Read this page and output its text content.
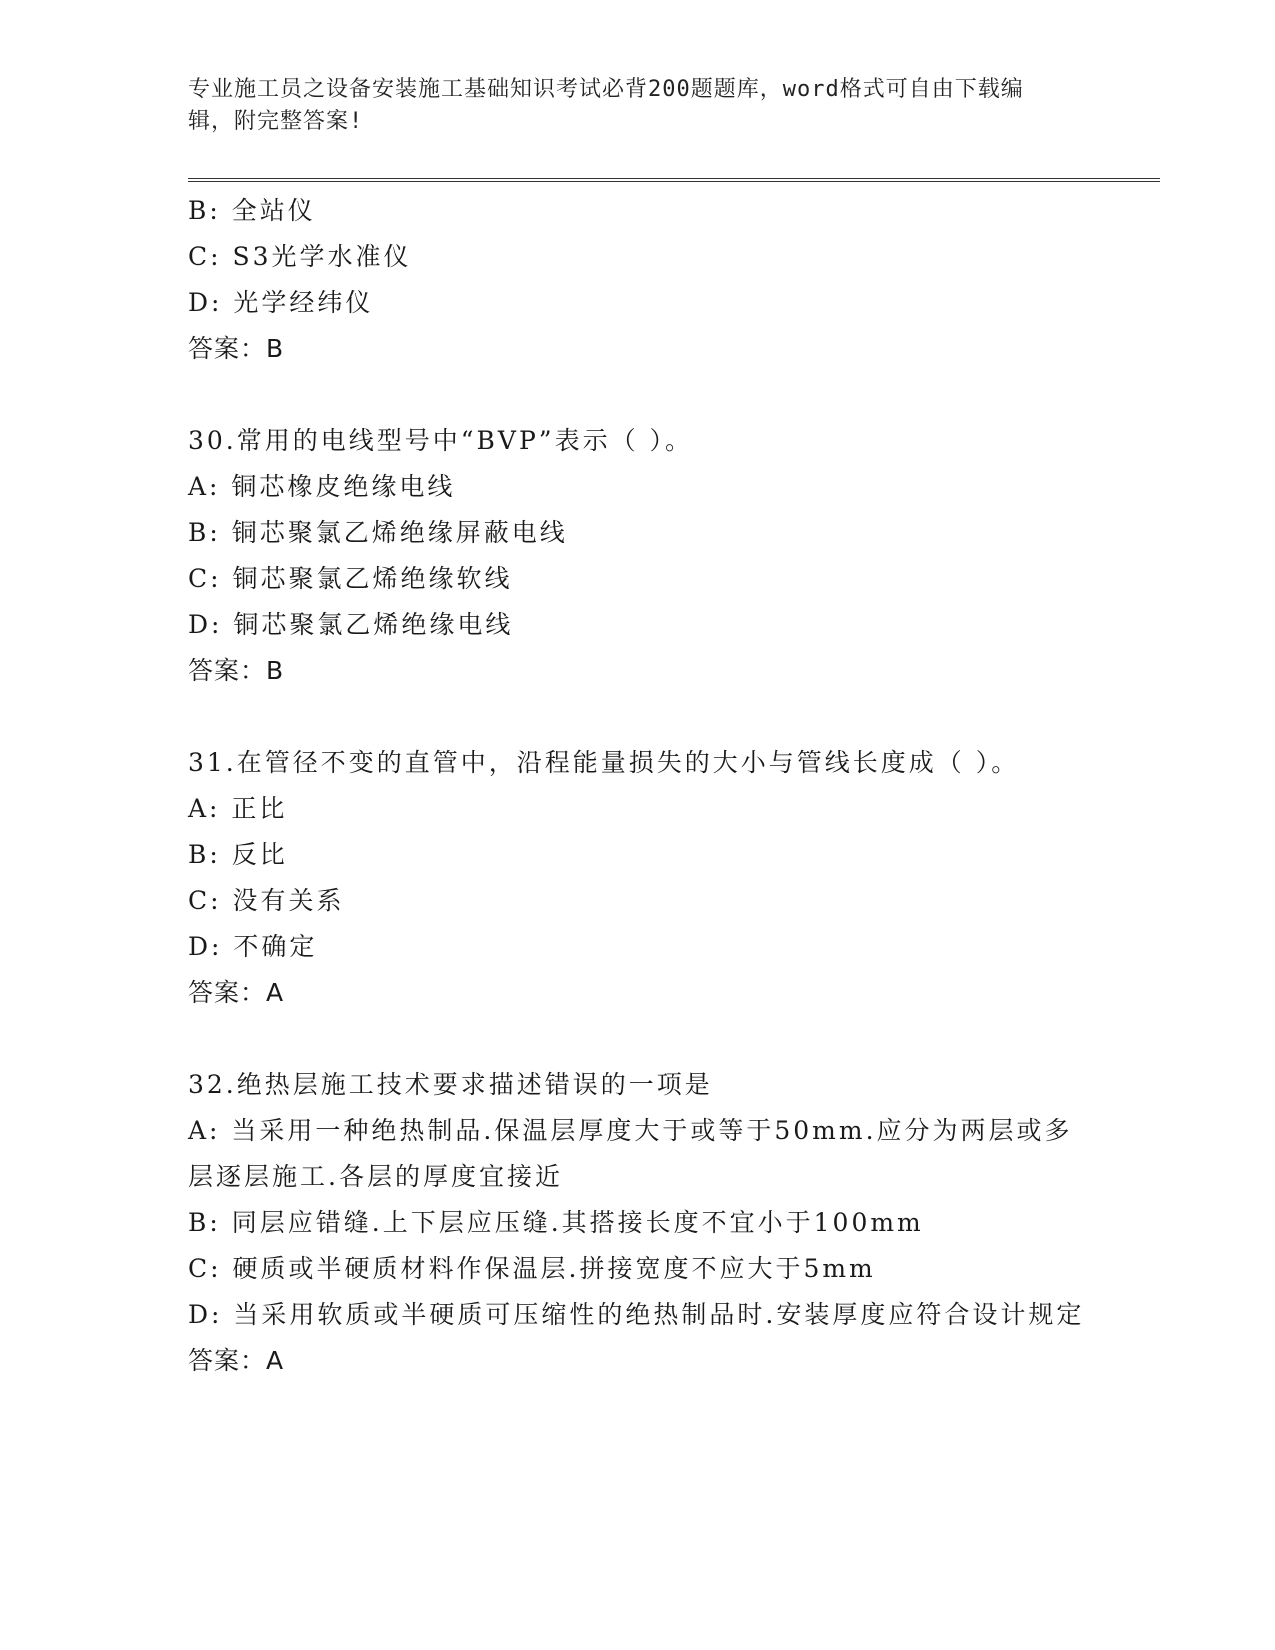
专业施工员之设备安装施工基础知识考试必背200题题库，word格式可自由下载编辑，附完整答案!
B: 全站仪
C: S3光学水准仪
D: 光学经纬仪
答案：B
30.常用的电线型号中“BVP”表示（ ）。
A: 铜芯橡皮绝缘电线
B: 铜芯聚氯乙烯绝缘屏蔽电线
C: 铜芯聚氯乙烯绝缘软线
D: 铜芯聚氯乙烯绝缘电线
答案：B
31.在管径不变的直管中，沿程能量损失的大小与管线长度成（ ）。
A: 正比
B: 反比
C: 没有关系
D: 不确定
答案：A
32.绝热层施工技术要求描述错误的一项是
A: 当采用一种绝热制品.保温层厚度大于或等于50mm.应分为两层或多层逐层施工.各层的厚度宜接近
B: 同层应错缝.上下层应压缝.其搭接长度不宜小于100mm
C: 硬质或半硬质材料作保温层.拼接宽度不应大于5mm
D: 当采用软质或半硬质可压缩性的绝热制品时.安装厚度应符合设计规定
答案：A
